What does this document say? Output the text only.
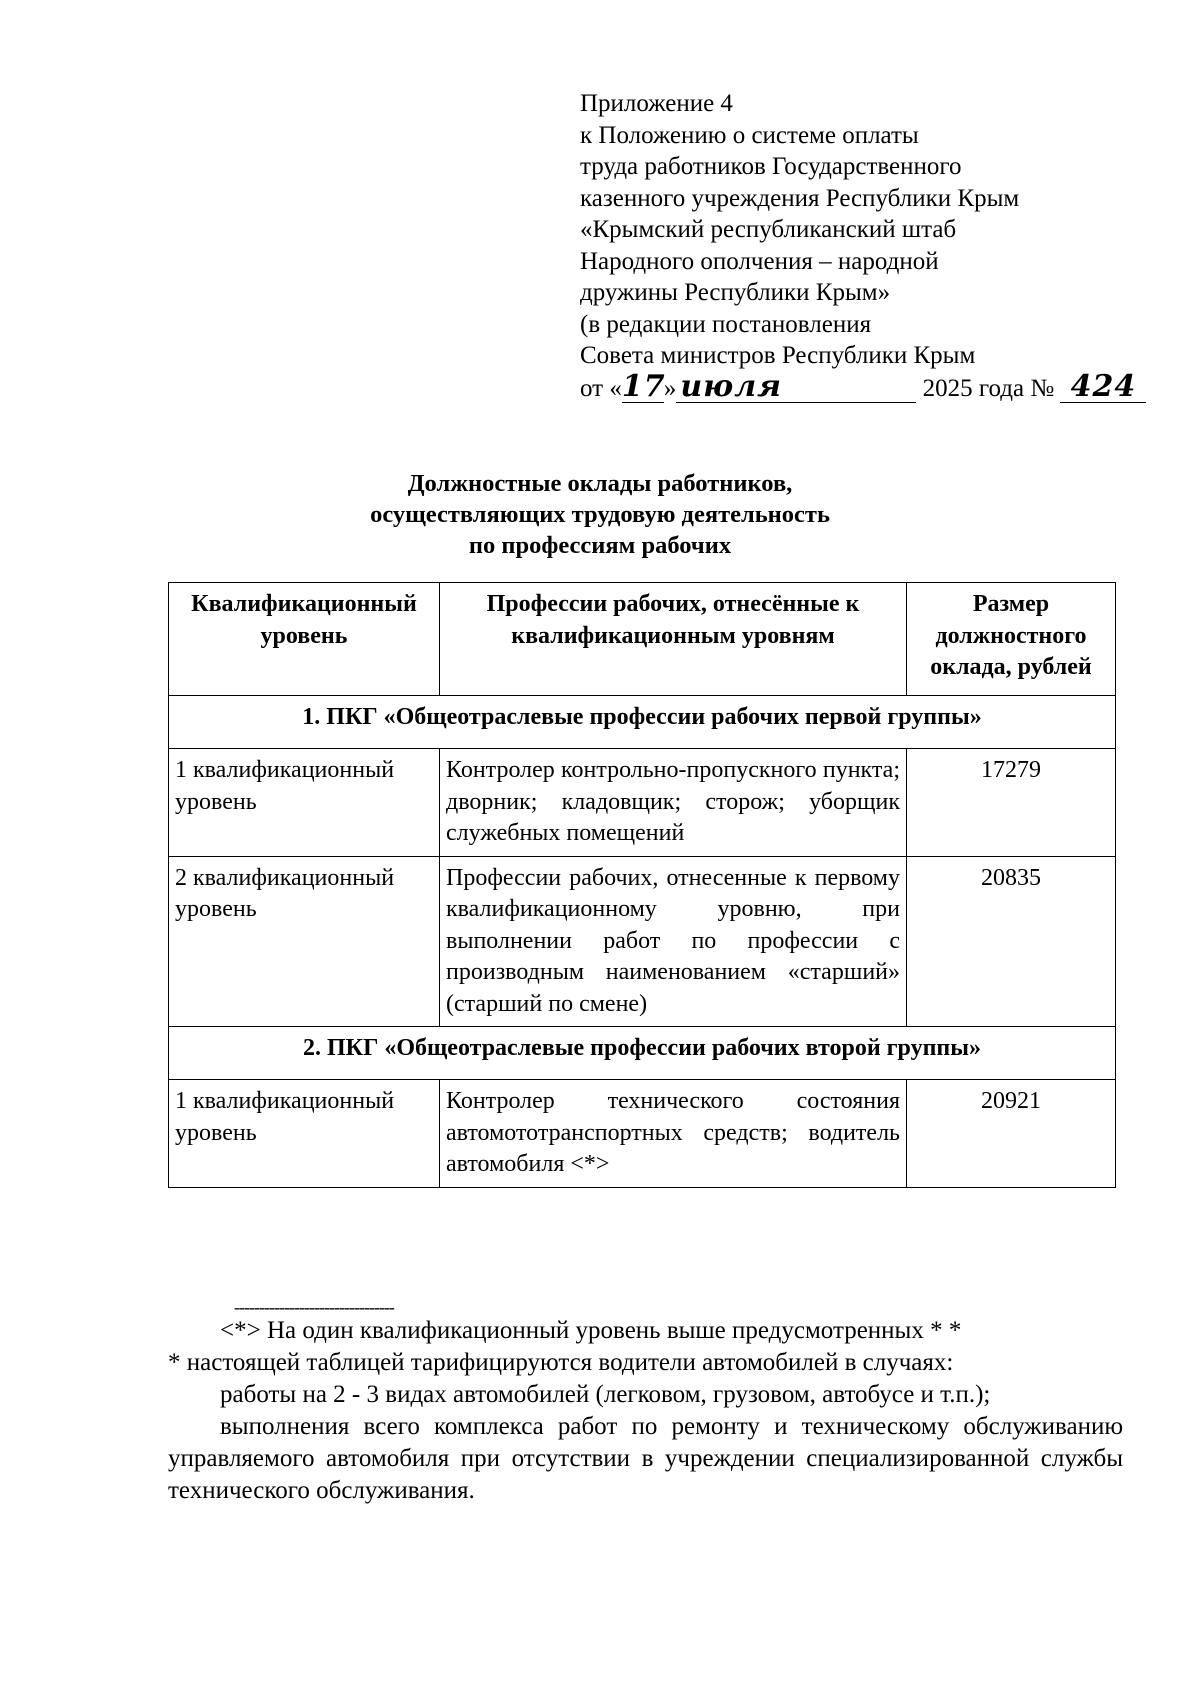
Приложение 4
к Положению о системе оплаты
труда работников Государственного
казенного учреждения Республики Крым
«Крымский республиканский штаб
Народного ополчения – народной
дружины Республики Крым»
(в редакции постановления
Совета министров Республики Крым
от «17» июля	2025 года № 424
Должностные оклады работников,
осуществляющих трудовую деятельность
по профессиям рабочих
Квалификационный уровень	Профессии рабочих, отнесённые к квалификационным уровням	Размер должностного оклада, рублей
1. ПКГ «Общеотраслевые профессии рабочих первой группы»		
1 квалификационный уровень	Контролер контрольно-пропускного пункта; дворник; кладовщик; сторож; уборщик служебных помещений	17279
2 квалификационный уровень	Профессии рабочих, отнесенные к первому квалификационному уровню, при выполнении работ по профессии с производным наименованием «старший» (старший по смене)	20835
2. ПКГ «Общеотраслевые профессии рабочих второй группы»		
1 квалификационный уровень	Контролер технического состояния автомототранспортных средств; водитель автомобиля <*>	20921
--------------------------------

<*> На один квалификационный уровень выше предусмотренных * *

* настоящей таблицей тарифицируются водители автомобилей в случаях:

работы на 2 - 3 видах автомобилей (легковом, грузовом, автобусе и т.п.);

выполнения всего комплекса работ по ремонту и техническому обслуживанию управляемого автомобиля при отсутствии в учреждении специализированной службы технического обслуживания.
